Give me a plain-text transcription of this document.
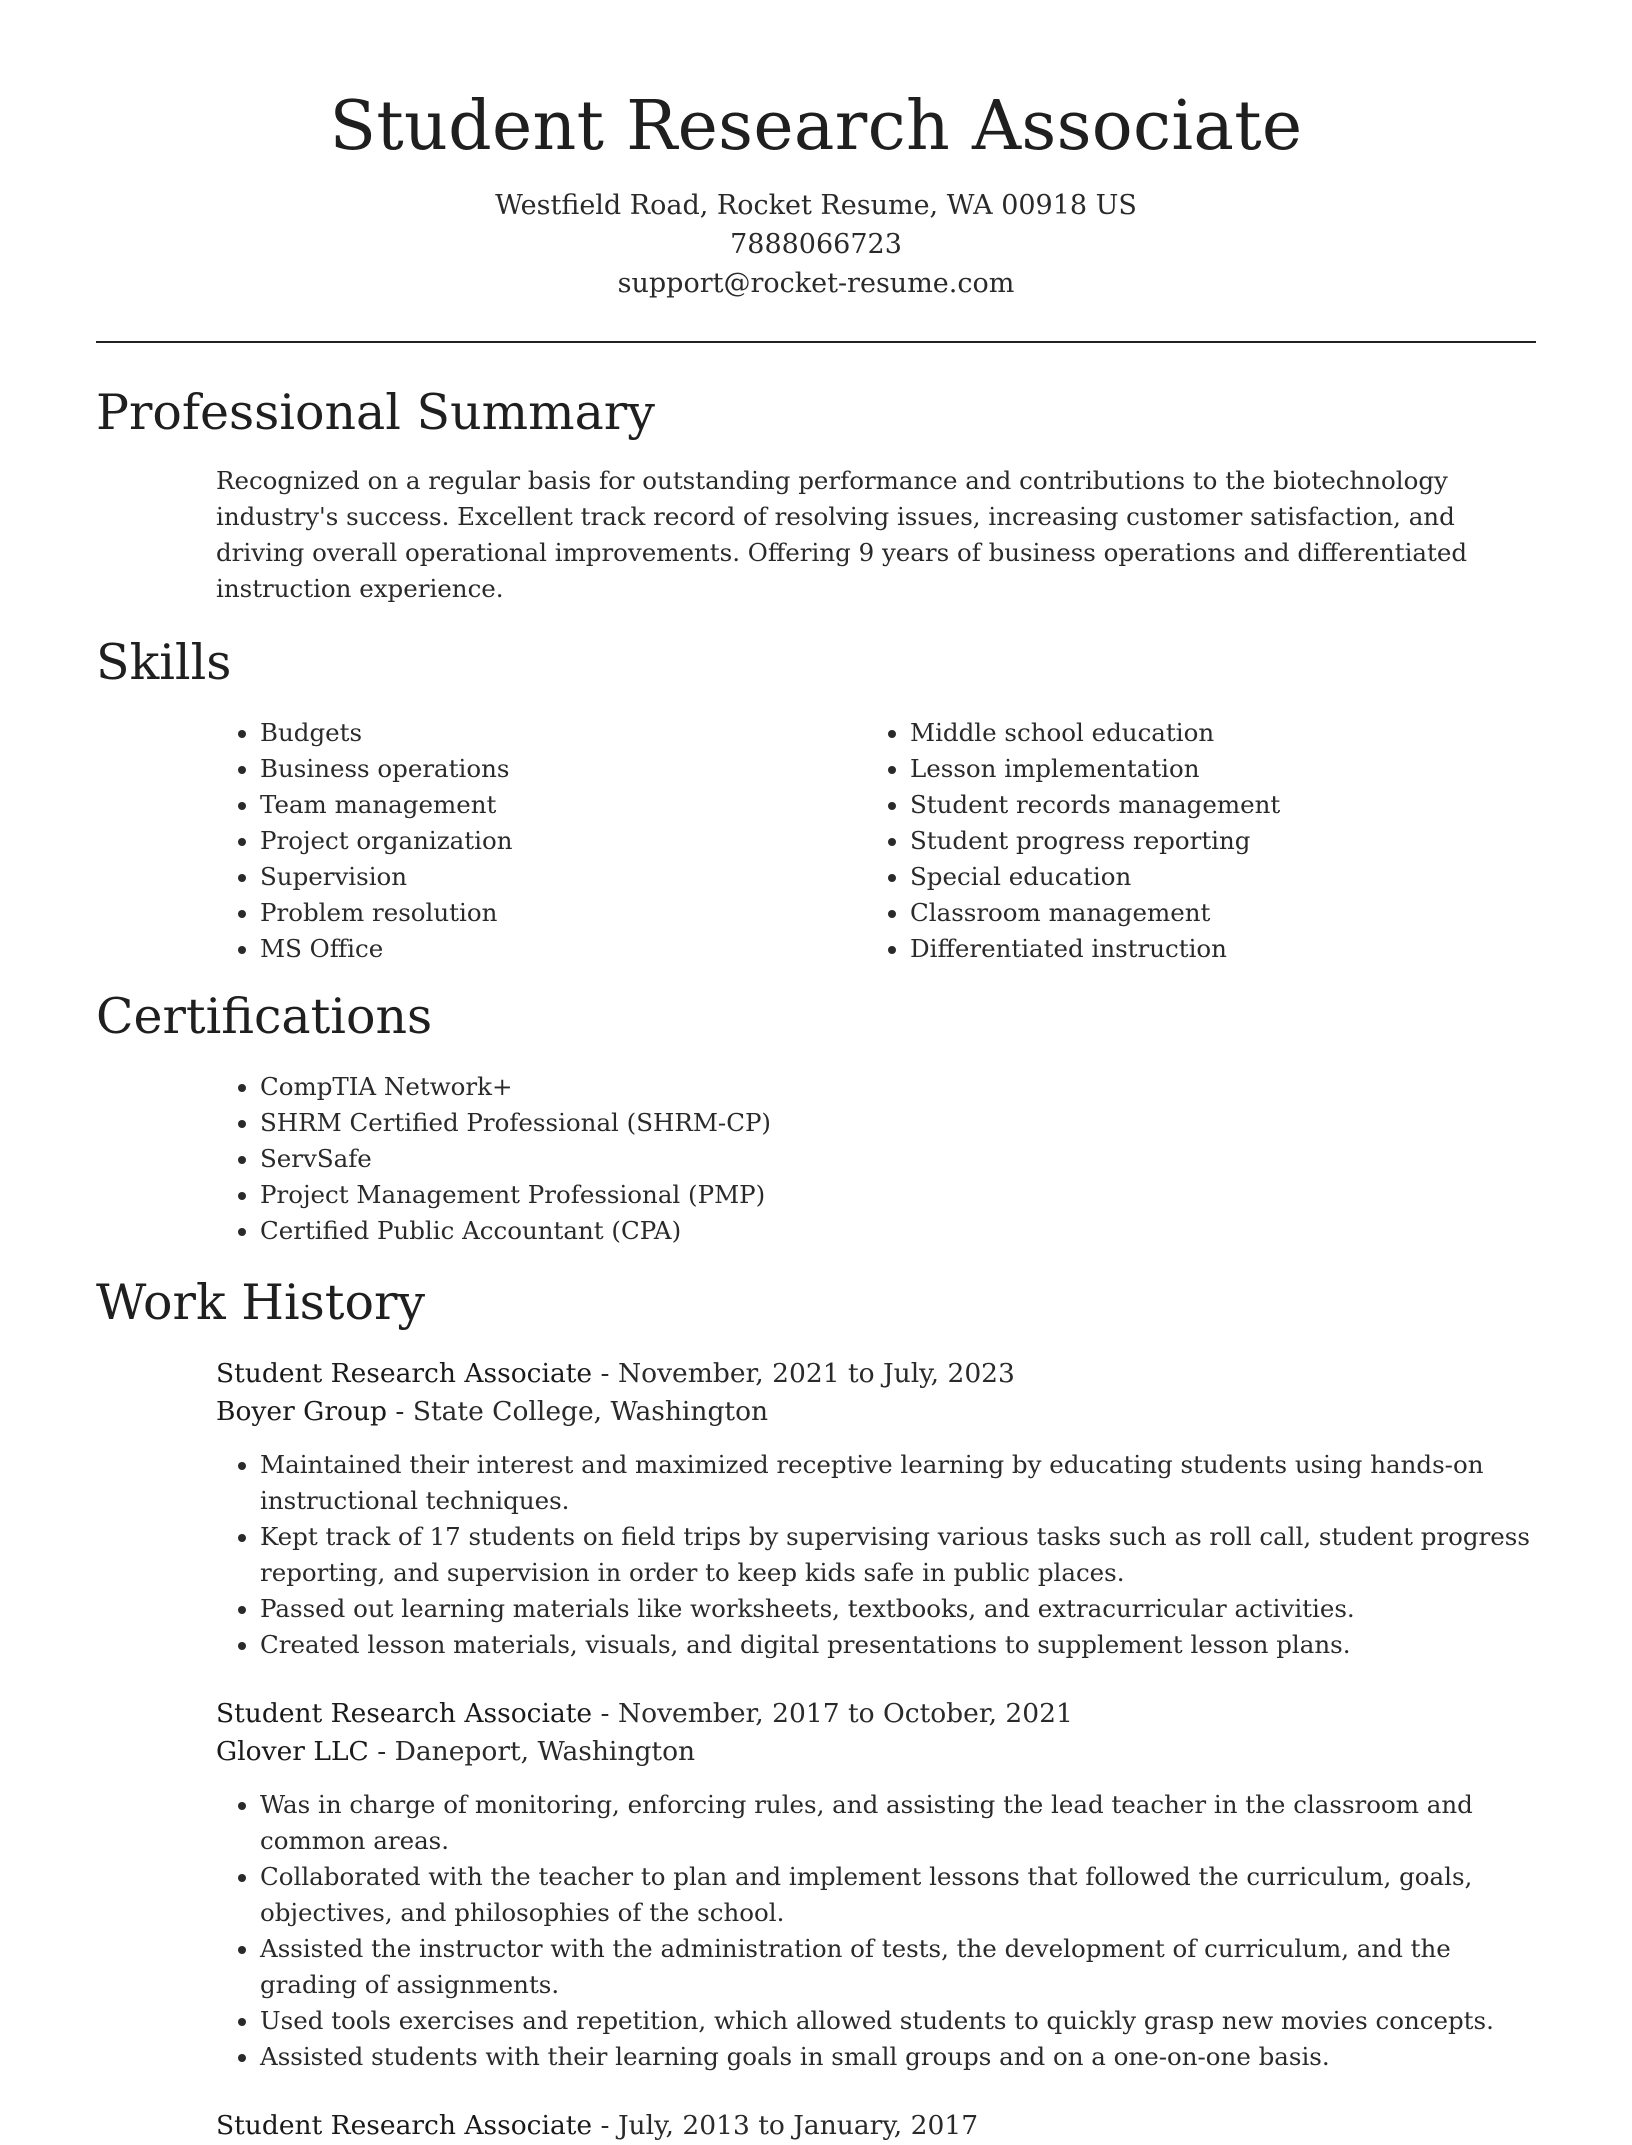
Student Research Associate
Westfield Road, Rocket Resume, WA 00918 US
7888066723
support@rocket-resume.com
Professional Summary

Recognized on a regular basis for outstanding performance and contributions to the biotechnology industry's success. Excellent track record of resolving issues, increasing customer satisfaction, and driving overall operational improvements. Offering 9 years of business operations and differentiated instruction experience.

Skills
• Budgets
• Business operations
• Team management
• Project organization
• Supervision
• Problem resolution
• MS Office
• Middle school education
• Lesson implementation
• Student records management
• Student progress reporting
• Special education
• Classroom management
• Differentiated instruction
Certifications
• CompTIA Network+
• SHRM Certified Professional (SHRM-CP)
• ServSafe
• Project Management Professional (PMP)
• Certified Public Accountant (CPA)
Work History
Student Research Associate - November, 2021 to July, 2023
Boyer Group - State College, Washington
• Maintained their interest and maximized receptive learning by educating students using hands-on instructional techniques.
• Kept track of 17 students on field trips by supervising various tasks such as roll call, student progress reporting, and supervision in order to keep kids safe in public places.
• Passed out learning materials like worksheets, textbooks, and extracurricular activities.
• Created lesson materials, visuals, and digital presentations to supplement lesson plans.
Student Research Associate - November, 2017 to October, 2021
Glover LLC - Daneport, Washington
• Was in charge of monitoring, enforcing rules, and assisting the lead teacher in the classroom and common areas.
• Collaborated with the teacher to plan and implement lessons that followed the curriculum, goals, objectives, and philosophies of the school.
• Assisted the instructor with the administration of tests, the development of curriculum, and the grading of assignments.
• Used tools exercises and repetition, which allowed students to quickly grasp new movies concepts.
• Assisted students with their learning goals in small groups and on a one-on-one basis.
Student Research Associate - July, 2013 to January, 2017
